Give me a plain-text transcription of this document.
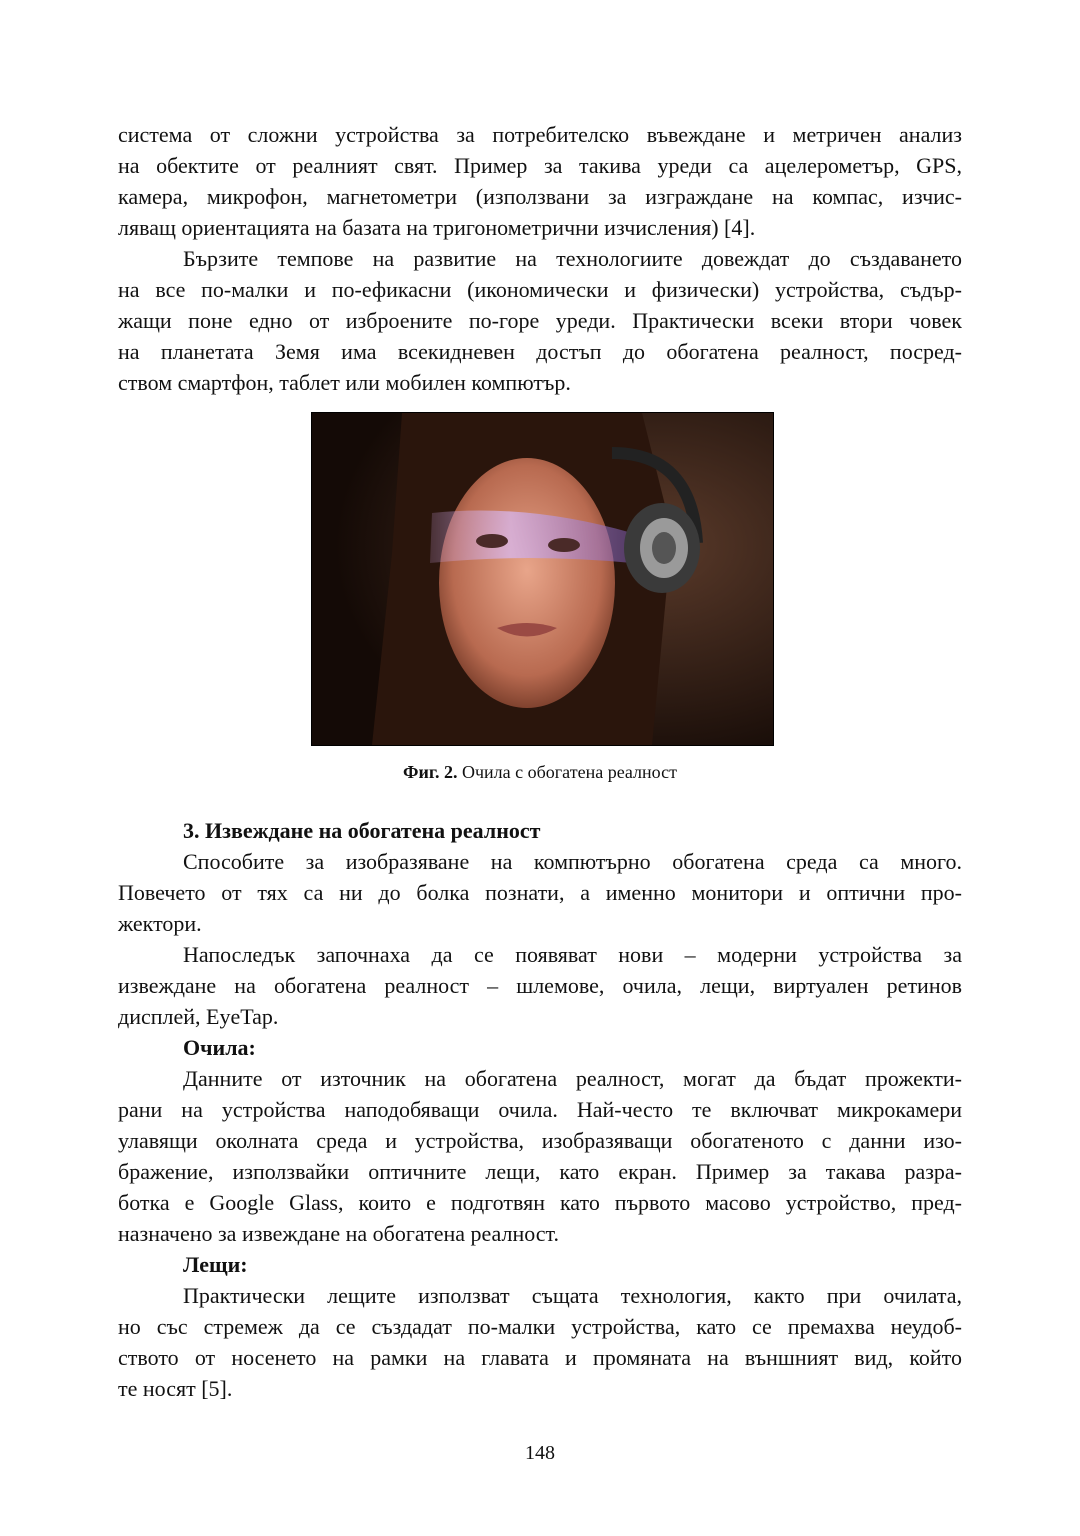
система от сложни устройства за потребителско въвеждане и метричен анализ
на обектите от реалният свят. Пример за такива уреди са ацелерометър, GPS,
камера, микрофон, магнетометри (използвани за изграждане на компас, изчис-
ляващ ориентацията на базата на тригонометрични изчисления) [4].
Бързите темпове на развитие на технологиите довеждат до създаването
на все по-малки и по-ефикасни (икономически и физически) устройства, съдър-
жащи поне едно от изброените по-горе уреди. Практически всеки втори човек
на планетата Земя има всекидневен достъп до обогатена реалност, посред-
ством смартфон, таблет или мобилен компютър.
Фиг. 2. Очила с обогатена реалност
3. Извеждане на обогатена реалност
Способите за изобразяване на компютърно обогатена среда са много.
Повечето от тях са ни до болка познати, а именно монитори и оптични про-
жектори.
Напоследък започнаха да се появяват нови – модерни устройства за
извеждане на обогатена реалност – шлемове, очила, лещи, виртуален ретинов
дисплей, EyeTap.
Очила:
Данните от източник на обогатена реалност, могат да бъдат прожекти-
рани на устройства наподобяващи очила. Най-често те включват микрокамери
улавящи околната среда и устройства, изобразяващи обогатеното с данни изо-
бражение, използвайки оптичните лещи, като екран. Пример за такава разра-
ботка е Google Glass, които е подготвян като първото масово устройство, пред-
назначено за извеждане на обогатена реалност.
Лещи:
Практически лещите използват същата технология, както при очилата,
но със стремеж да се създадат по-малки устройства, като се премахва неудоб-
ството от носенето на рамки на главата и промяната на външният вид, който
те носят [5].
148
